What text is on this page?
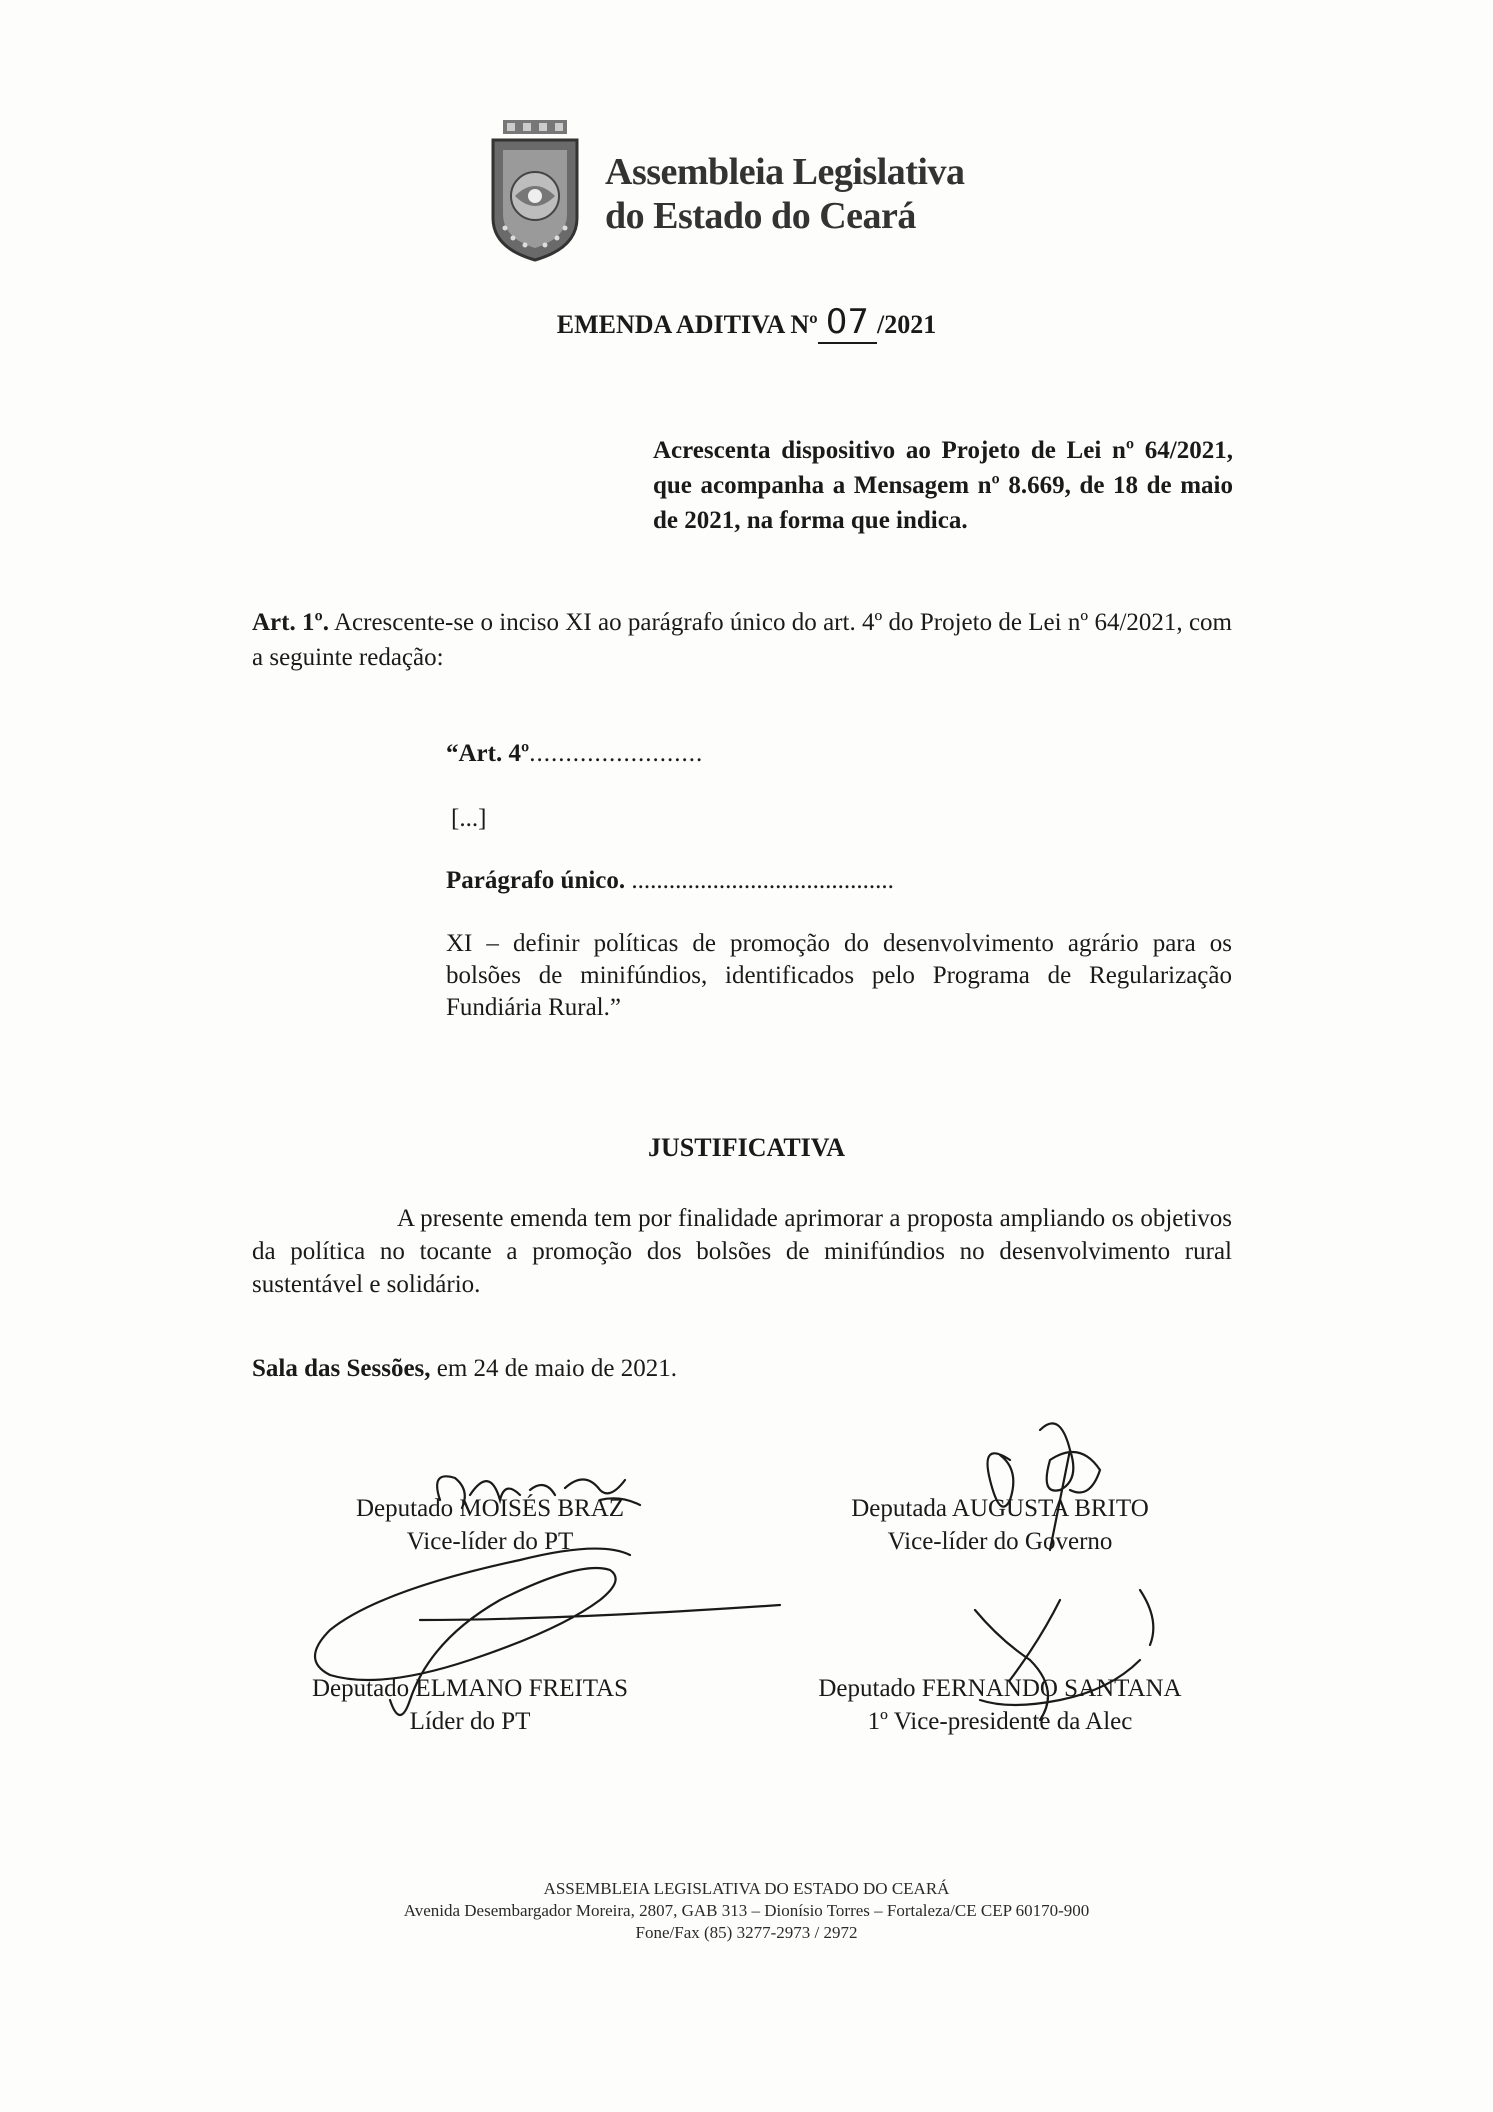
Assembleia Legislativa
do Estado do Ceará
EMENDA ADITIVA Nº 07 /2021
Acrescenta dispositivo ao Projeto de Lei nº 64/2021, que acompanha a Mensagem nº 8.669, de 18 de maio de 2021, na forma que indica.
Art. 1º. Acrescente-se o inciso XI ao parágrafo único do art. 4º do Projeto de Lei nº 64/2021, com a seguinte redação:
“Art. 4º........................
[...]
Parágrafo único. ..........................................
XI – definir políticas de promoção do desenvolvimento agrário para os bolsões de minifúndios, identificados pelo Programa de Regularização Fundiária Rural.”
JUSTIFICATIVA
A presente emenda tem por finalidade aprimorar a proposta ampliando os objetivos da política no tocante a promoção dos bolsões de minifúndios no desenvolvimento rural sustentável e solidário.
Sala das Sessões, em 24 de maio de 2021.
Deputado MOISÉS BRAZ
Vice-líder do PT
Deputada AUGUSTA BRITO
Vice-líder do Governo
Deputado ELMANO FREITAS
Líder do PT
Deputado FERNANDO SANTANA
1º Vice-presidente da Alec
ASSEMBLEIA LEGISLATIVA DO ESTADO DO CEARÁ
Avenida Desembargador Moreira, 2807, GAB 313 – Dionísio Torres – Fortaleza/CE CEP 60170-900
Fone/Fax (85) 3277-2973 / 2972
